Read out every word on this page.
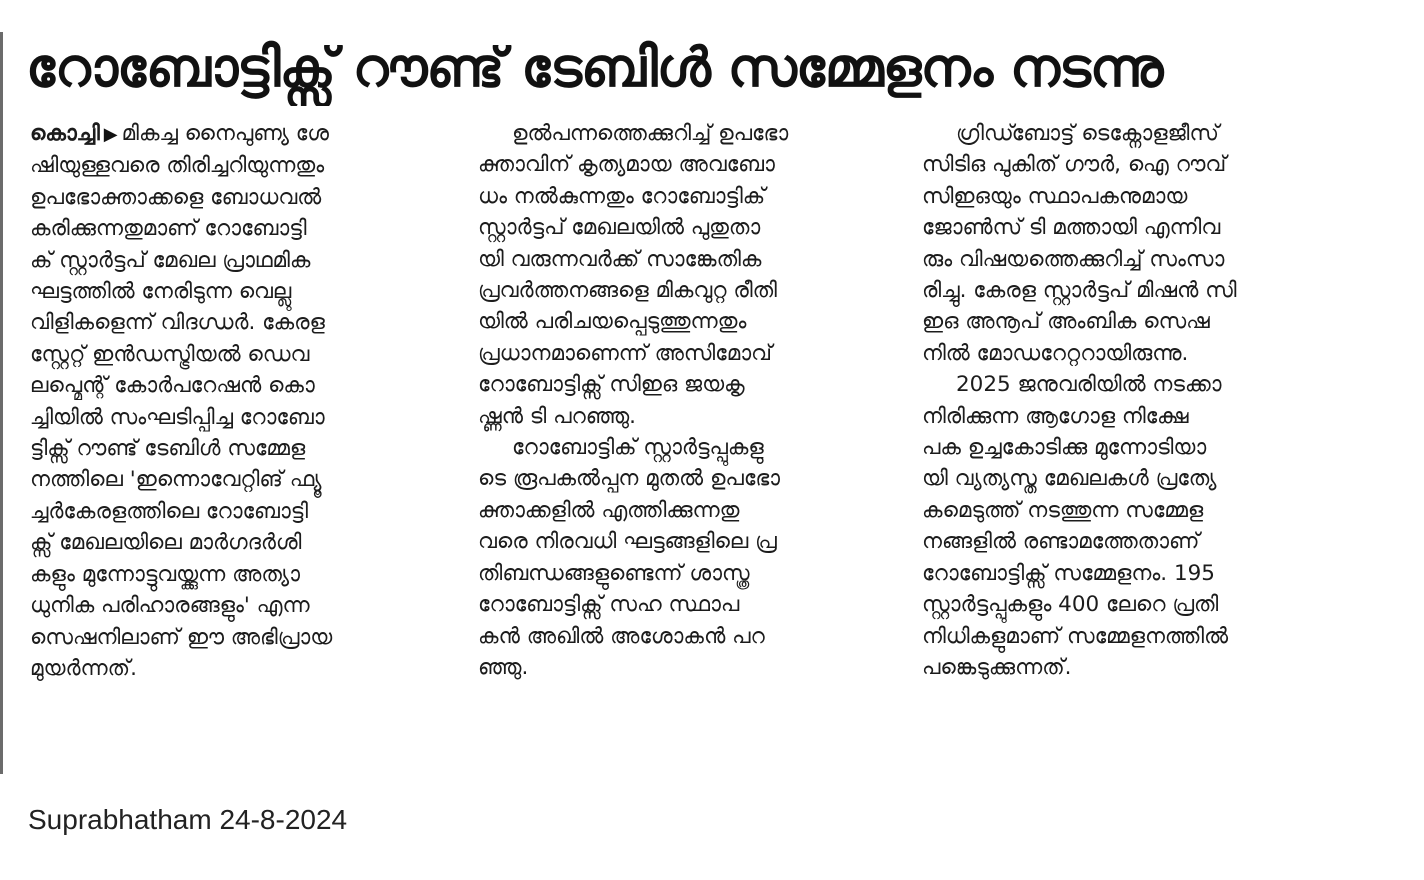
റോബോട്ടിക്സ് റൗണ്ട് ടേബിൾ സമ്മേളനം നടന്നു

കൊച്ചി ▶ മികച്ച നൈപുണ്യ ശേ
ഷിയുള്ളവരെ തിരിച്ചറിയുന്നതും
ഉപഭോക്താക്കളെ ബോധവൽ
കരിക്കുന്നതുമാണ് റോബോട്ടി
ക് സ്റ്റാർട്ടപ് മേഖല പ്രാഥമിക
ഘട്ടത്തിൽ നേരിടുന്ന വെല്ലു
വിളികളെന്ന് വിദഗ്ധർ. കേരള
സ്റ്റേറ്റ് ഇൻഡസ്ട്രിയൽ ഡെവ
ലപ്മെന്റ് കോർപറേഷൻ കൊ
ച്ചിയിൽ സംഘടിപ്പിച്ച റോബോ
ട്ടിക്സ് റൗണ്ട് ടേബിൾ സമ്മേള
നത്തിലെ 'ഇന്നൊവേറ്റിങ് ഫ്യൂ
ച്ചർകേരളത്തിലെ റോബോട്ടി
ക്സ് മേഖലയിലെ മാർഗദർശി
കളും മുന്നോട്ടുവയ്ക്കുന്ന അത്യാ
ധുനിക പരിഹാരങ്ങളും' എന്ന
സെഷനിലാണ് ഈ അഭിപ്രായ
മുയർന്നത്.

ഉൽപന്നത്തെക്കുറിച്ച് ഉപഭോ
ക്താവിന് കൃത്യമായ അവബോ
ധം നൽകുന്നതും റോബോട്ടിക്
സ്റ്റാർട്ടപ് മേഖലയിൽ പുതുതാ
യി വരുന്നവർക്ക് സാങ്കേതിക
പ്രവർത്തനങ്ങളെ മികവുറ്റ രീതി
യിൽ പരിചയപ്പെടുത്തുന്നതും
പ്രധാനമാണെന്ന് അസിമോവ്
റോബോട്ടിക്സ് സിഇഒ ജയകൃ
ഷ്ണൻ ടി പറഞ്ഞു.

റോബോട്ടിക് സ്റ്റാർട്ടപ്പുകളു
ടെ രൂപകൽപ്പന മുതൽ ഉപഭോ
ക്താക്കളിൽ എത്തിക്കുന്നതു
വരെ നിരവധി ഘട്ടങ്ങളിലെ പ്ര
തിബന്ധങ്ങളുണ്ടെന്ന് ശാസ്ത്ര
റോബോട്ടിക്സ് സഹ സ്ഥാപ
കൻ അഖിൽ അശോകൻ പറ
ഞ്ഞു.

ഗ്രിഡ്ബോട്ട് ടെക്നോളജീസ്
സിടിഒ പുകിത് ഗൗർ, ഐ റൗവ്
സിഇഒയും സ്ഥാപകനുമായ
ജോൺസ് ടി മത്തായി എന്നിവ
രും വിഷയത്തെക്കുറിച്ച് സംസാ
രിച്ചു. കേരള സ്റ്റാർട്ടപ് മിഷൻ സി
ഇഒ അനൂപ് അംബിക സെഷ
നിൽ മോഡറേറ്ററായിരുന്നു.

2025 ജനുവരിയിൽ നടക്കാ
നിരിക്കുന്ന ആഗോള നിക്ഷേ
പക ഉച്ചകോടിക്കു മുന്നോടിയാ
യി വ്യത്യസ്ത മേഖലകൾ പ്രത്യേ
കമെടുത്ത് നടത്തുന്ന സമ്മേള
നങ്ങളിൽ രണ്ടാമത്തേതാണ്
റോബോട്ടിക്സ് സമ്മേളനം. 195
സ്റ്റാർട്ടപ്പുകളും 400 ലേറെ പ്രതി
നിധികളുമാണ് സമ്മേളനത്തിൽ
പങ്കെടുക്കുന്നത്.

Suprabhatham 24-8-2024
